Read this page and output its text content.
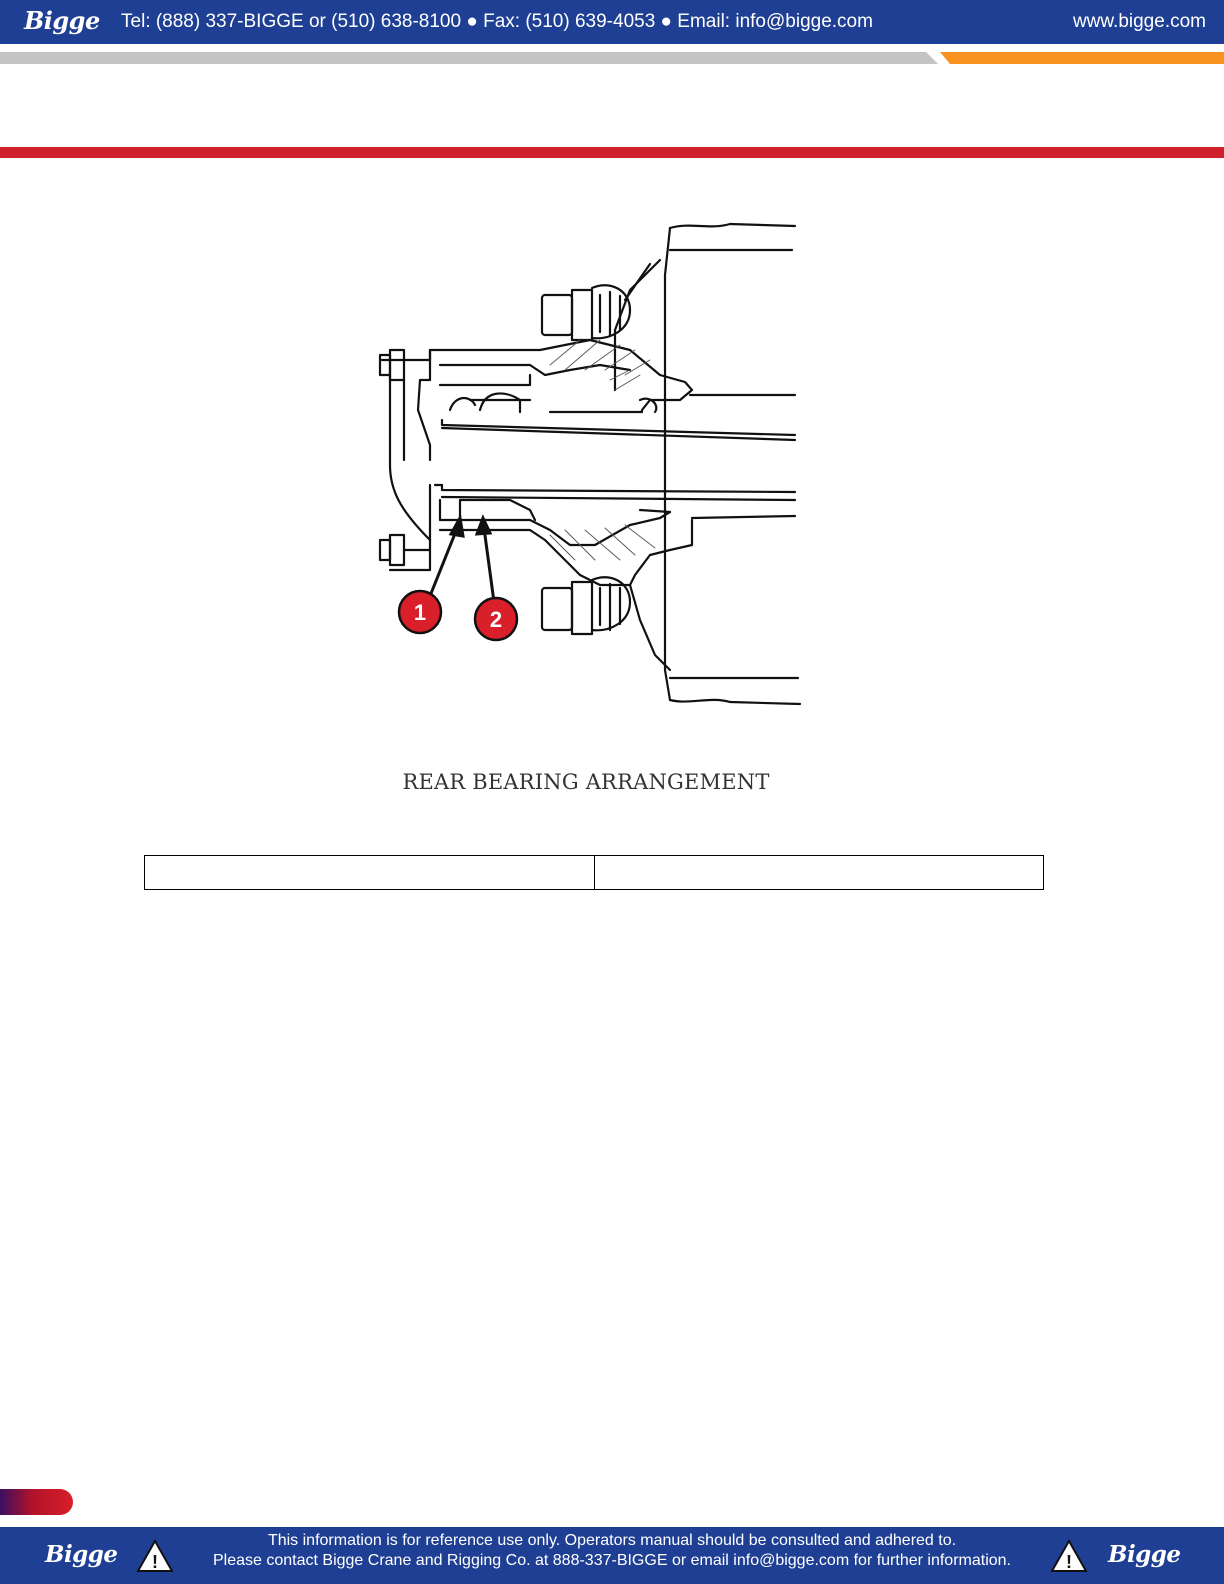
Bigge Tel: (888) 337-BIGGE or (510) 638-8100 ● Fax: (510) 639-4053 ● Email: info@bigge.com	www.bigge.com
1	2
REAR BEARING ARRANGEMENT

Bigge !
This information is for reference use only. Operators manual should be consulted and adhered to.
Please contact Bigge Crane and Rigging Co. at 888-337-BIGGE or email info@bigge.com for further information.	! Bigge
